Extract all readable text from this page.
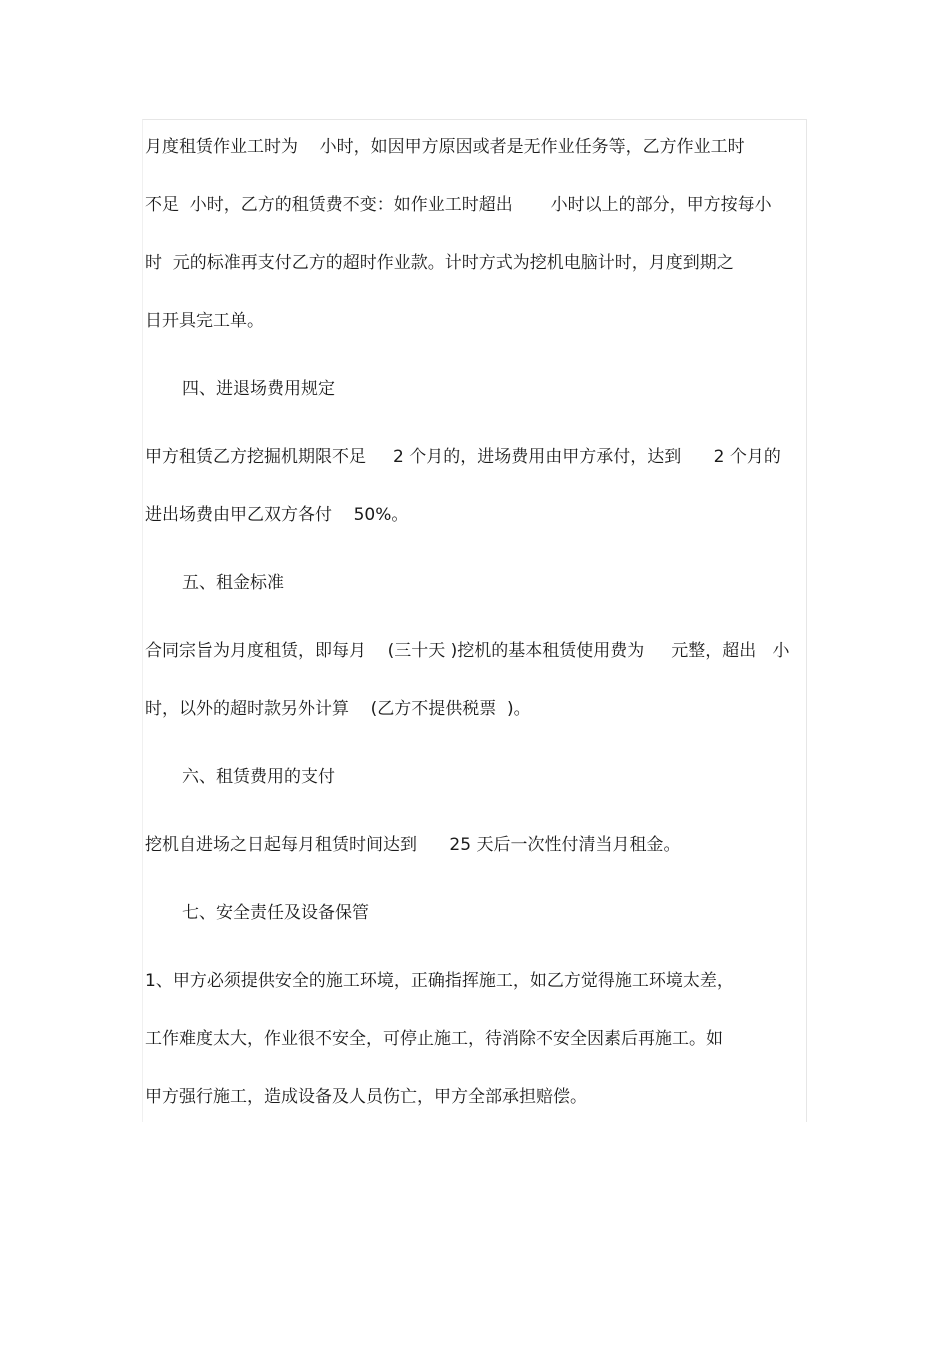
月度租赁作业工时为    小时，如因甲方原因或者是无作业任务等，乙方作业工时
不足  小时，乙方的租赁费不变：如作业工时超出       小时以上的部分，甲方按每小
时  元的标准再支付乙方的超时作业款。计时方式为挖机电脑计时，月度到期之
日开具完工单。
四、进退场费用规定
甲方租赁乙方挖掘机期限不足     2 个月的，进场费用由甲方承付，达到      2 个月的
进出场费由甲乙双方各付    50%。
五、租金标准
合同宗旨为月度租赁，即每月    (三十天 )挖机的基本租赁使用费为     元整，超出   小
时，以外的超时款另外计算    (乙方不提供税票  )。
六、租赁费用的支付
挖机自进场之日起每月租赁时间达到      25 天后一次性付清当月租金。
七、安全责任及设备保管
1、甲方必须提供安全的施工环境，正确指挥施工，如乙方觉得施工环境太差，
工作难度太大，作业很不安全，可停止施工，待消除不安全因素后再施工。如
甲方强行施工，造成设备及人员伤亡，甲方全部承担赔偿。
